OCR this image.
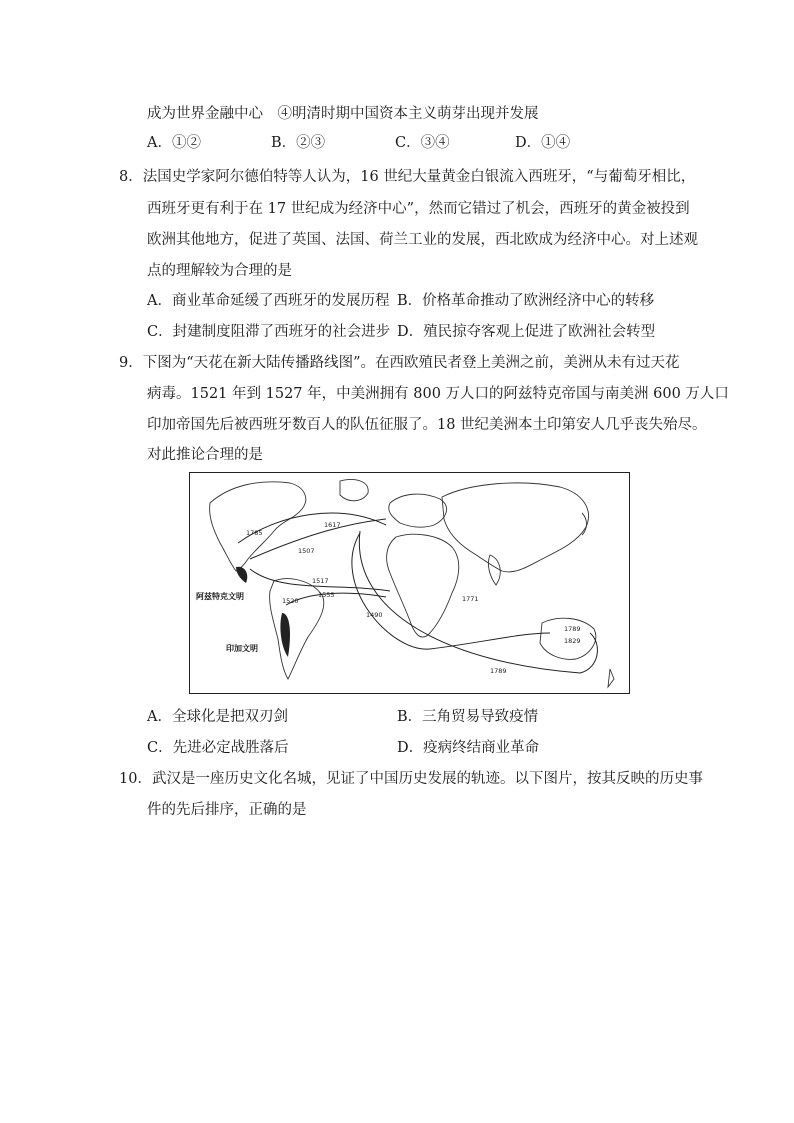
成为世界金融中心　④明清时期中国资本主义萌芽出现并发展
A．①②	B．②③	C．③④	D．①④
8．法国史学家阿尔德伯特等人认为，16 世纪大量黄金白银流入西班牙，“与葡萄牙相比，
西班牙更有利于在 17 世纪成为经济中心”，然而它错过了机会，西班牙的黄金被投到
欧洲其他地方，促进了英国、法国、荷兰工业的发展，西北欧成为经济中心。对上述观
点的理解较为合理的是
A．商业革命延缓了西班牙的发展历程 B．价格革命推动了欧洲经济中心的转移
C．封建制度阻滞了西班牙的社会进步 D．殖民掠夺客观上促进了欧洲社会转型
9．下图为“天花在新大陆传播路线图”。在西欧殖民者登上美洲之前，美洲从未有过天花
病毒。1521 年到 1527 年，中美洲拥有 800 万人口的阿兹特克帝国与南美洲 600 万人口
印加帝国先后被西班牙数百人的队伍征服了。18 世纪美洲本土印第安人几乎丧失殆尽。
对此推论合理的是
阿兹特克文明
印加文明
1785
1617
1507
1517
1555
1520
1490
1771
1789
1829
1789
A．全球化是把双刃剑	B．三角贸易导致疫情
C．先进必定战胜落后	D．疫病终结商业革命
10．武汉是一座历史文化名城，见证了中国历史发展的轨迹。以下图片，按其反映的历史事
件的先后排序，正确的是
